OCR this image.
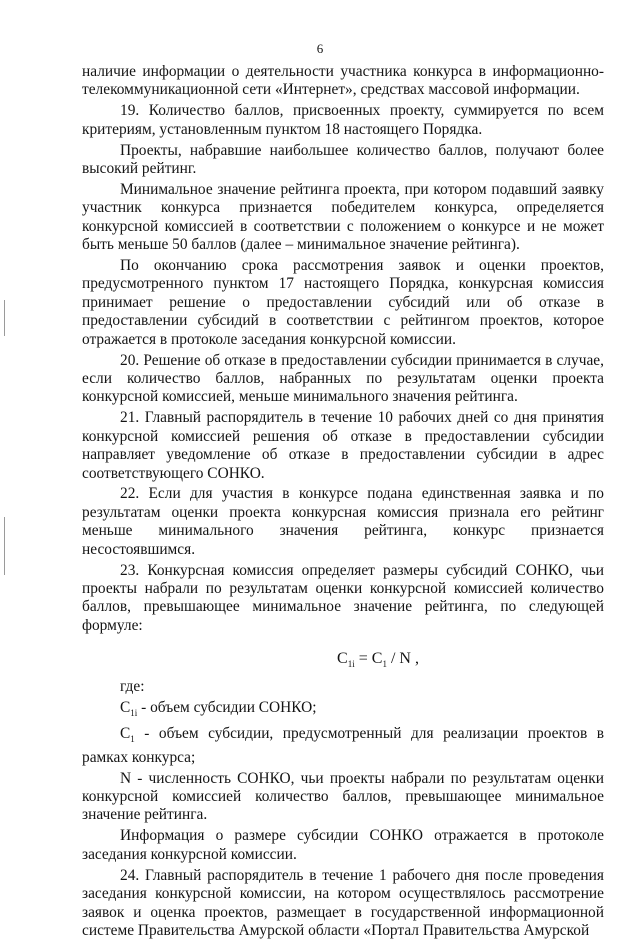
6

наличие информации о деятельности участника конкурса в информационно-телекоммуникационной сети «Интернет», средствах массовой информации.

19. Количество баллов, присвоенных проекту, суммируется по всем критериям, установленным пунктом 18 настоящего Порядка.

Проекты, набравшие наибольшее количество баллов, получают более высокий рейтинг.

Минимальное значение рейтинга проекта, при котором подавший заявку участник конкурса признается победителем конкурса, определяется конкурсной комиссией в соответствии с положением о конкурсе и не может быть меньше 50 баллов (далее – минимальное значение рейтинга).

По окончанию срока рассмотрения заявок и оценки проектов, предусмотренного пунктом 17 настоящего Порядка, конкурсная комиссия принимает решение о предоставлении субсидий или об отказе в предоставлении субсидий в соответствии с рейтингом проектов, которое отражается в протоколе заседания конкурсной комиссии.

20. Решение об отказе в предоставлении субсидии принимается в случае, если количество баллов, набранных по результатам оценки проекта конкурсной комиссией, меньше минимального значения рейтинга.

21. Главный распорядитель в течение 10 рабочих дней со дня принятия конкурсной комиссией решения об отказе в предоставлении субсидии направляет уведомление об отказе в предоставлении субсидии в адрес соответствующего СОНКО.

22. Если для участия в конкурсе подана единственная заявка и по результатам оценки проекта конкурсная комиссия признала его рейтинг меньше минимального значения рейтинга, конкурс признается несостоявшимся.

23. Конкурсная комиссия определяет размеры субсидий СОНКО, чьи проекты набрали по результатам оценки конкурсной комиссией количество баллов, превышающее минимальное значение рейтинга, по следующей формуле:

$C_{1i} = C_1 / N$ ,

где:

$C_{1i}$ - объем субсидии СОНКО;

$C_1$ - объем субсидии, предусмотренный для реализации проектов в рамках конкурса;

N - численность СОНКО, чьи проекты набрали по результатам оценки конкурсной комиссией количество баллов, превышающее минимальное значение рейтинга.

Информация о размере субсидии СОНКО отражается в протоколе заседания конкурсной комиссии.

24. Главный распорядитель в течение 1 рабочего дня после проведения заседания конкурсной комиссии, на котором осуществлялось рассмотрение заявок и оценка проектов, размещает в государственной информационной системе Правительства Амурской области «Портал Правительства Амурской
